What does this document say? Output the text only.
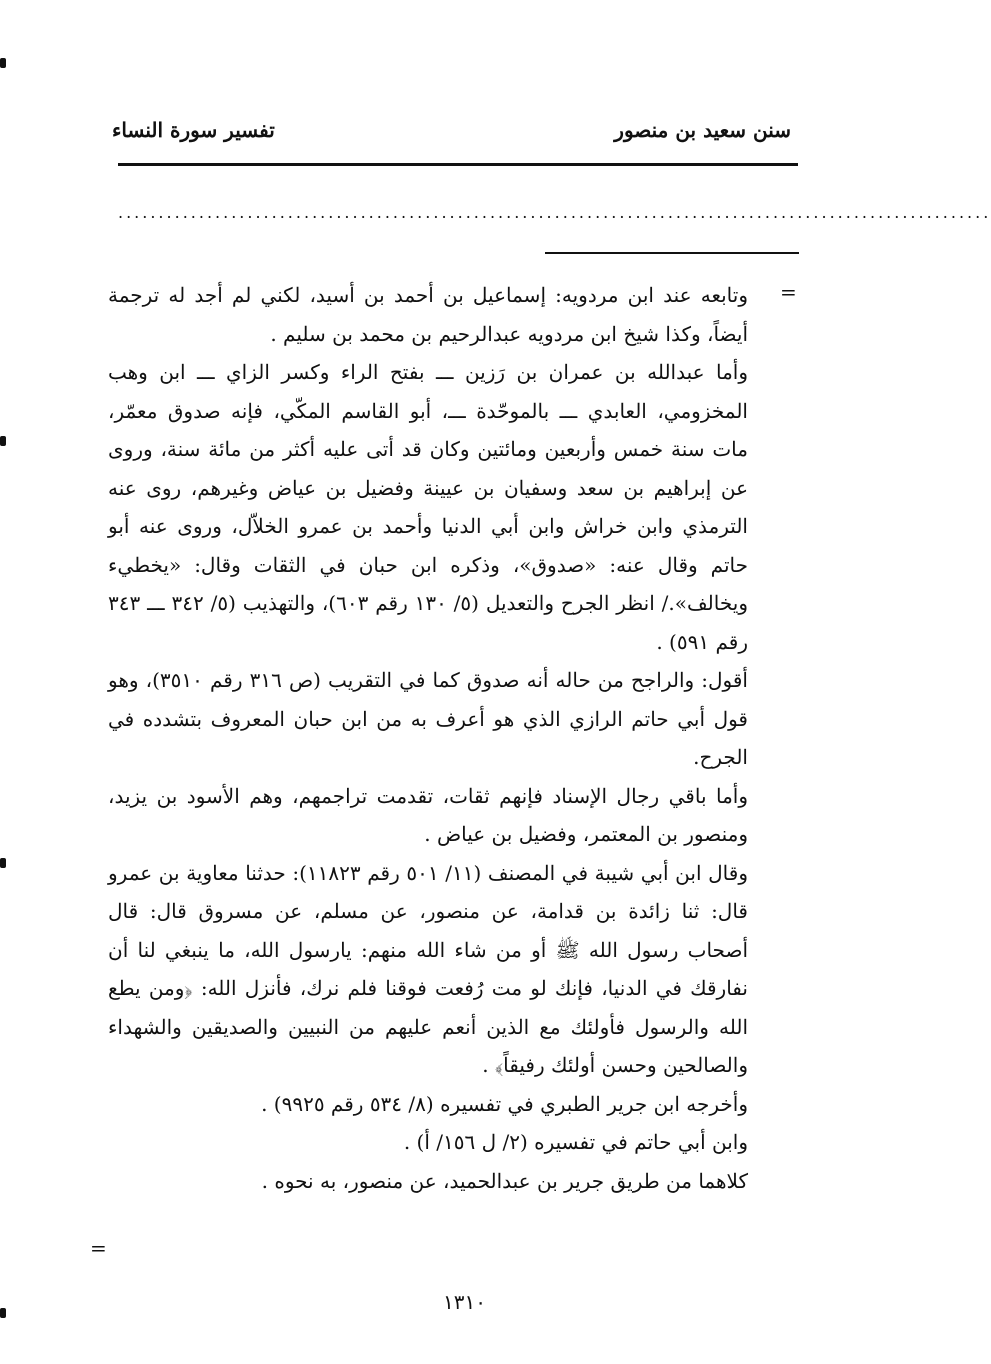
سنن سعيد بن منصور
تفسير سورة النساء
............................................................................................................
=

وتابعه عند ابن مردويه: إسماعيل بن أحمد بن أسيد، لكني لم أجد له ترجمة أيضاً، وكذا شيخ ابن مردويه عبدالرحيم بن محمد بن سليم .

وأما عبدالله بن عمران بن رَزين ـــ بفتح الراء وكسر الزاي ـــ ابن وهب المخزومي، العابدي ـــ بالموحّدة ـــ، أبو القاسم المكّي، فإنه صدوق معمّر، مات سنة خمس وأربعين ومائتين وكان قد أتى عليه أكثر من مائة سنة، وروى عن إبراهيم بن سعد وسفيان بن عيينة وفضيل بن عياض وغيرهم، روى عنه الترمذي وابن خراش وابن أبي الدنيا وأحمد بن عمرو الخلاّل، وروى عنه أبو حاتم وقال عنه: «صدوق»، وذكره ابن حبان في الثقات وقال: «يخطيء ويخالف»./ انظر الجرح والتعديل (٥/ ١٣٠ رقم ٦٠٣)، والتهذيب (٥/ ٣٤٢ ـــ ٣٤٣ رقم ٥٩١) .

أقول: والراجح من حاله أنه صدوق كما في التقريب (ص ٣١٦ رقم ٣٥١٠)، وهو قول أبي حاتم الرازي الذي هو أعرف به من ابن حبان المعروف بتشدده في الجرح.

وأما باقي رجال الإسناد فإنهم ثقات، تقدمت تراجمهم، وهم الأسود بن يزيد، ومنصور بن المعتمر، وفضيل بن عياض .

وقال ابن أبي شيبة في المصنف (١١/ ٥٠١ رقم ١١٨٢٣): حدثنا معاوية بن عمرو قال: ثنا زائدة بن قدامة، عن منصور، عن مسلم، عن مسروق قال: قال أصحاب رسول الله ﷺ أو من شاء الله منهم: يارسول الله، ما ينبغي لنا أن نفارقك في الدنيا، فإنك لو مت رُفعت فوقنا فلم نرك، فأنزل الله: ﴿ومن يطع الله والرسول فأولئك مع الذين أنعم عليهم من النبيين والصديقين والشهداء والصالحين وحسن أولئك رفيقاً﴾ .

وأخرجه ابن جرير الطبري في تفسيره (٨/ ٥٣٤ رقم ٩٩٢٥) .

وابن أبي حاتم في تفسيره (٢/ ل ١٥٦/ أ) .

كلاهما من طريق جرير بن عبدالحميد، عن منصور، به نحوه .

=
١٣١٠
